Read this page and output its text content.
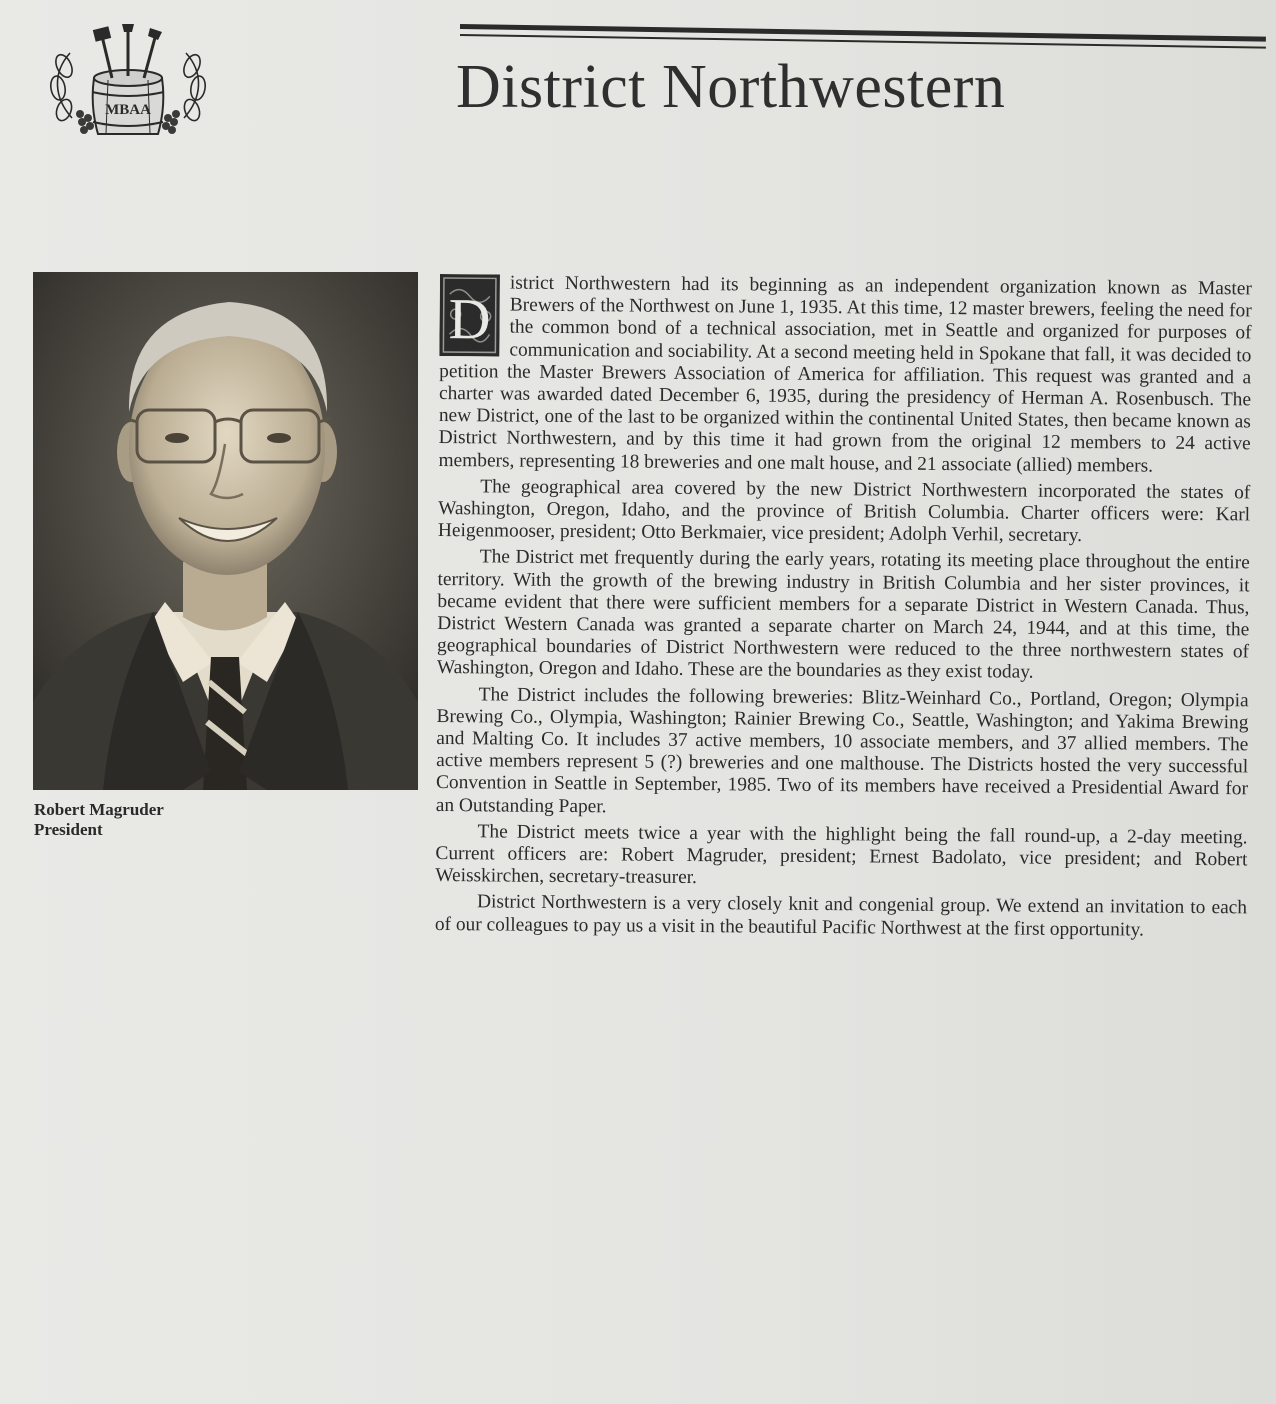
MBAA	District Northwestern
Robert Magruder
President

D
istrict Northwestern had its beginning as an independent organization known as Master Brewers of the Northwest on June 1, 1935. At this time, 12 master brewers, feeling the need for the common bond of a technical association, met in Seattle and organized for purposes of communication and sociability. At a second meeting held in Spokane that fall, it was decided to petition the Master Brewers Association of America for affiliation. This request was granted and a charter was awarded dated December 6, 1935, during the presidency of Herman A. Rosenbusch. The new District, one of the last to be organized within the continental United States, then became known as District Northwestern, and by this time it had grown from the original 12 members to 24 active members, representing 18 breweries and one malt house, and 21 associate (allied) members.

The geographical area covered by the new District Northwestern incorporated the states of Washington, Oregon, Idaho, and the province of British Columbia. Charter officers were: Karl Heigenmooser, president; Otto Berkmaier, vice president; Adolph Verhil, secretary.

The District met frequently during the early years, rotating its meeting place throughout the entire territory. With the growth of the brewing industry in British Columbia and her sister provinces, it became evident that there were sufficient members for a separate District in Western Canada. Thus, District Western Canada was granted a separate charter on March 24, 1944, and at this time, the geographical boundaries of District Northwestern were reduced to the three northwestern states of Washington, Oregon and Idaho. These are the boundaries as they exist today.

The District includes the following breweries: Blitz-Weinhard Co., Portland, Oregon; Olympia Brewing Co., Olympia, Washington; Rainier Brewing Co., Seattle, Washington; and Yakima Brewing and Malting Co. It includes 37 active members, 10 associate members, and 37 allied members. The active members represent 5 (?) breweries and one malthouse. The Districts hosted the very successful Convention in Seattle in September, 1985. Two of its members have received a Presidential Award for an Outstanding Paper.

The District meets twice a year with the highlight being the fall round-up, a 2-day meeting. Current officers are: Robert Magruder, president; Ernest Badolato, vice president; and Robert Weisskirchen, secretary-treasurer.

District Northwestern is a very closely knit and congenial group. We extend an invitation to each of our colleagues to pay us a visit in the beautiful Pacific Northwest at the first opportunity.
